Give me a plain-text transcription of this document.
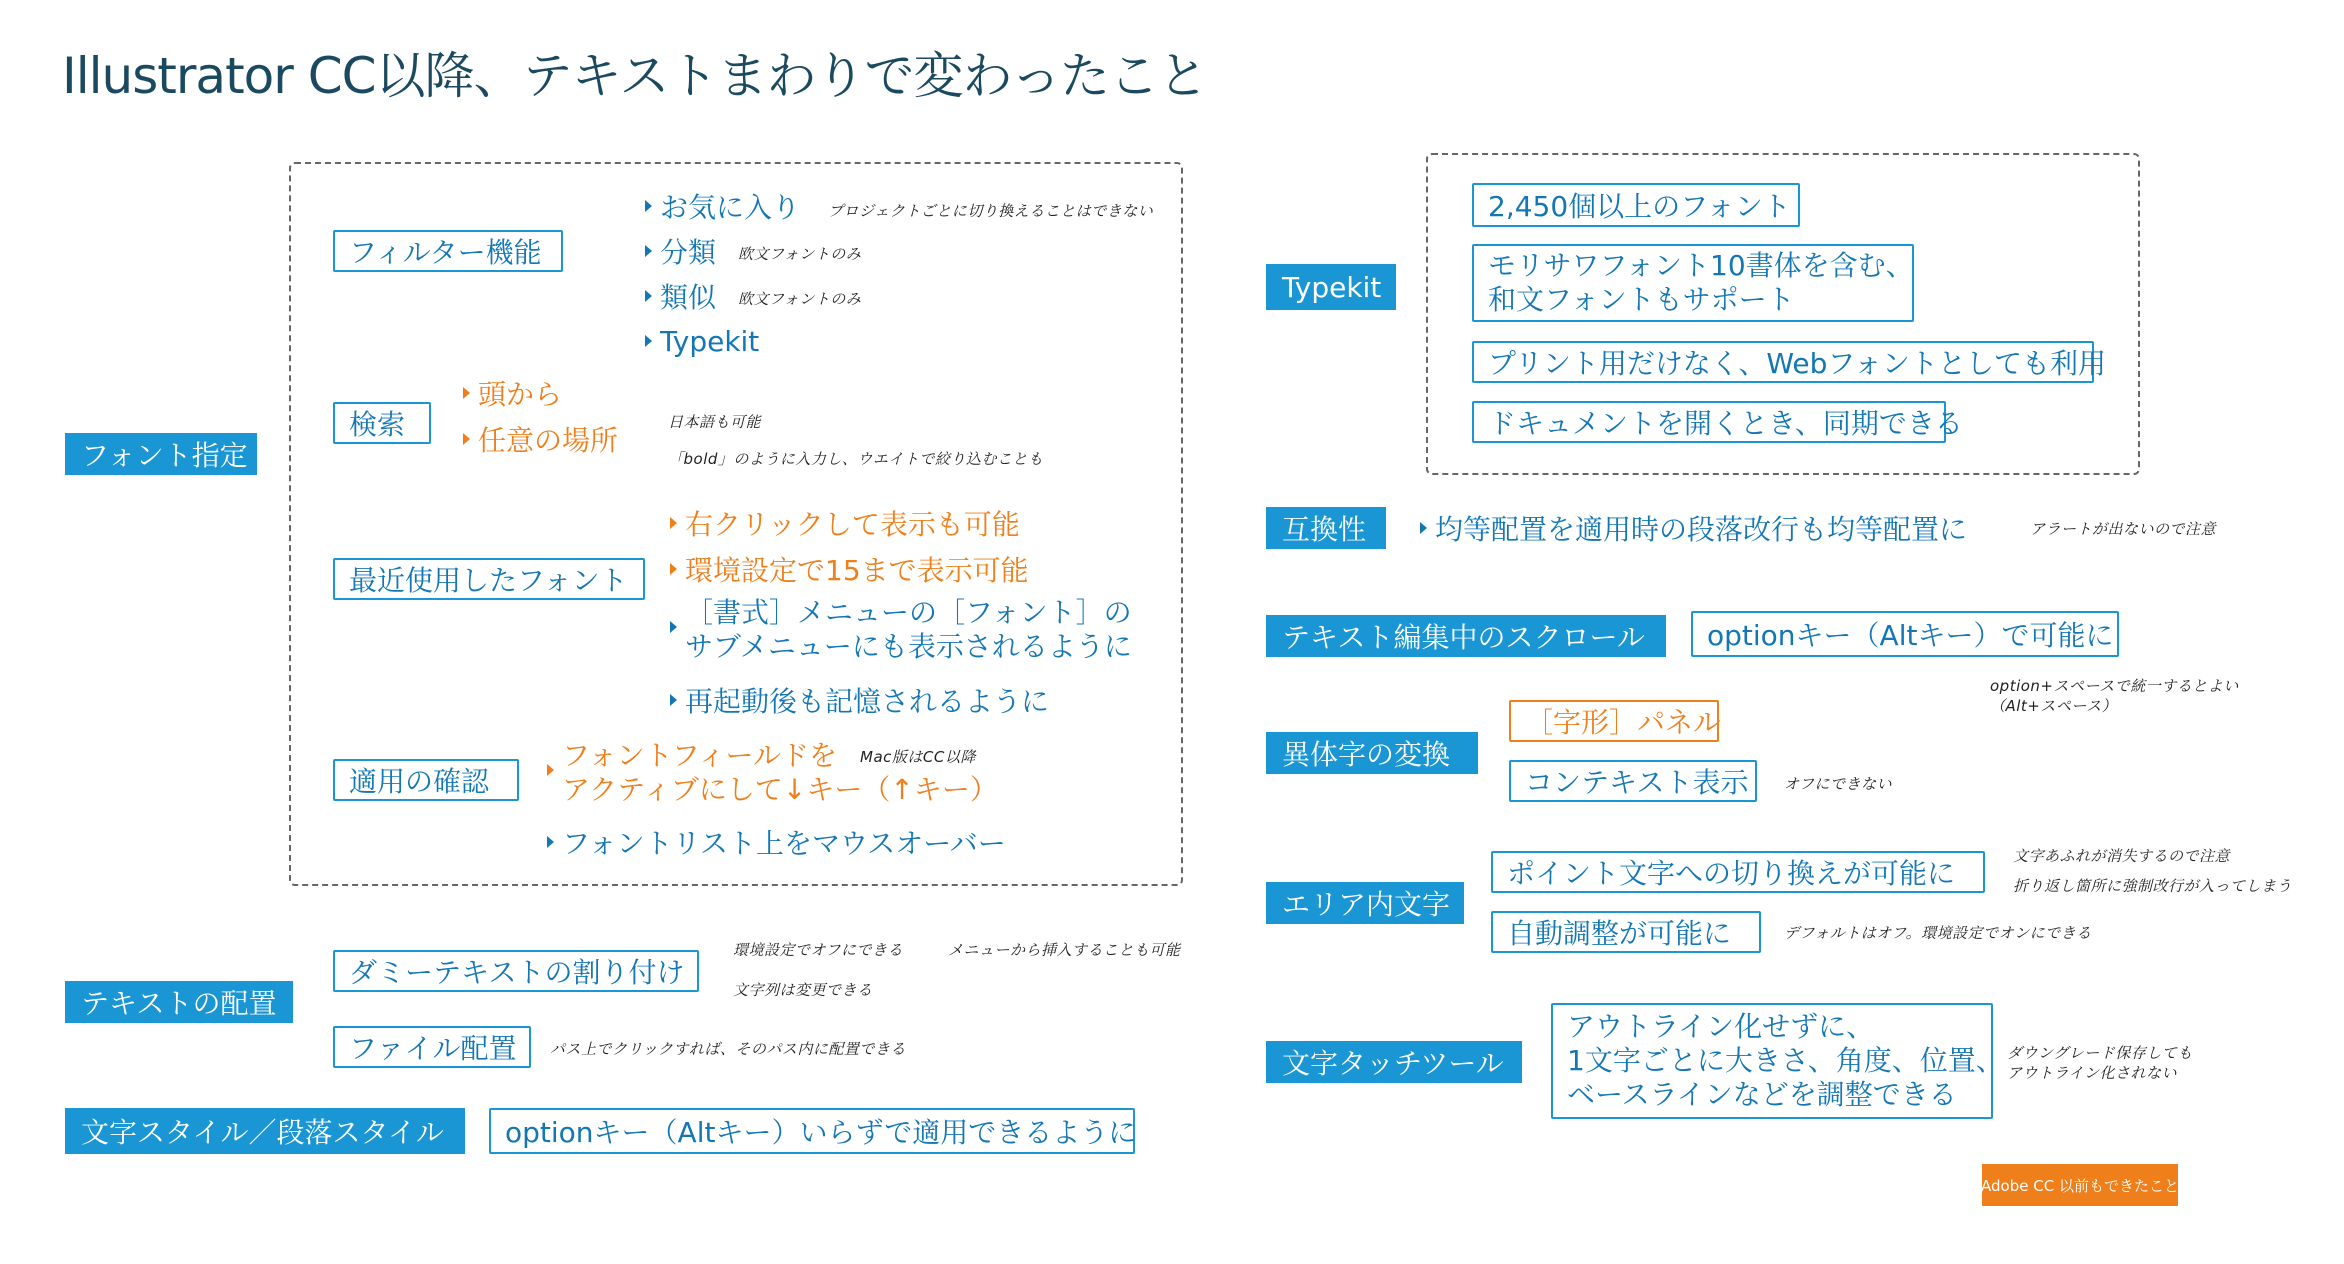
Illustrator CC以降、テキストまわりで変わったこと
フォント指定
フィルター機能
お気に入り プロジェクトごとに切り換えることはできない
分類 欧文フォントのみ
類似 欧文フォントのみ
Typekit
検索
頭から
任意の場所
日本語も可能
「bold」のように入力し、ウエイトで絞り込むことも
最近使用したフォント
右クリックして表示も可能
環境設定で15まで表示可能
［書式］メニューの［フォント］の
サブメニューにも表示されるように
再起動後も記憶されるように
適用の確認
フォントフィールドを
アクティブにして↓キー（↑キー）
Mac版はCC以降
フォントリスト上をマウスオーバー
テキストの配置
ダミーテキストの割り付け
ファイル配置
環境設定でオフにできる	メニューから挿入することも可能
文字列は変更できる
パス上でクリックすれば、そのパス内に配置できる
文字スタイル／段落スタイル	optionキー（Altキー）いらずで適用できるように
Typekit
2,450個以上のフォント
モリサワフォント10書体を含む、
和文フォントもサポート
プリント用だけなく、Webフォントとしても利用
ドキュメントを開くとき、同期できる
互換性	均等配置を適用時の段落改行も均等配置に	アラートが出ないので注意
テキスト編集中のスクロール	optionキー（Altキー）で可能に
option+スペースで統一するとよい
（Alt+スペース）
異体字の変換
［字形］パネル
コンテキスト表示	オフにできない
エリア内文字
ポイント文字への切り換えが可能に
自動調整が可能に
文字あふれが消失するので注意
折り返し箇所に強制改行が入ってしまう
デフォルトはオフ。環境設定でオンにできる
文字タッチツール
アウトライン化せずに、
1文字ごとに大きさ、角度、位置、
ベースラインなどを調整できる
ダウングレード保存しても
アウトライン化されない
Adobe CC 以前もできたこと
